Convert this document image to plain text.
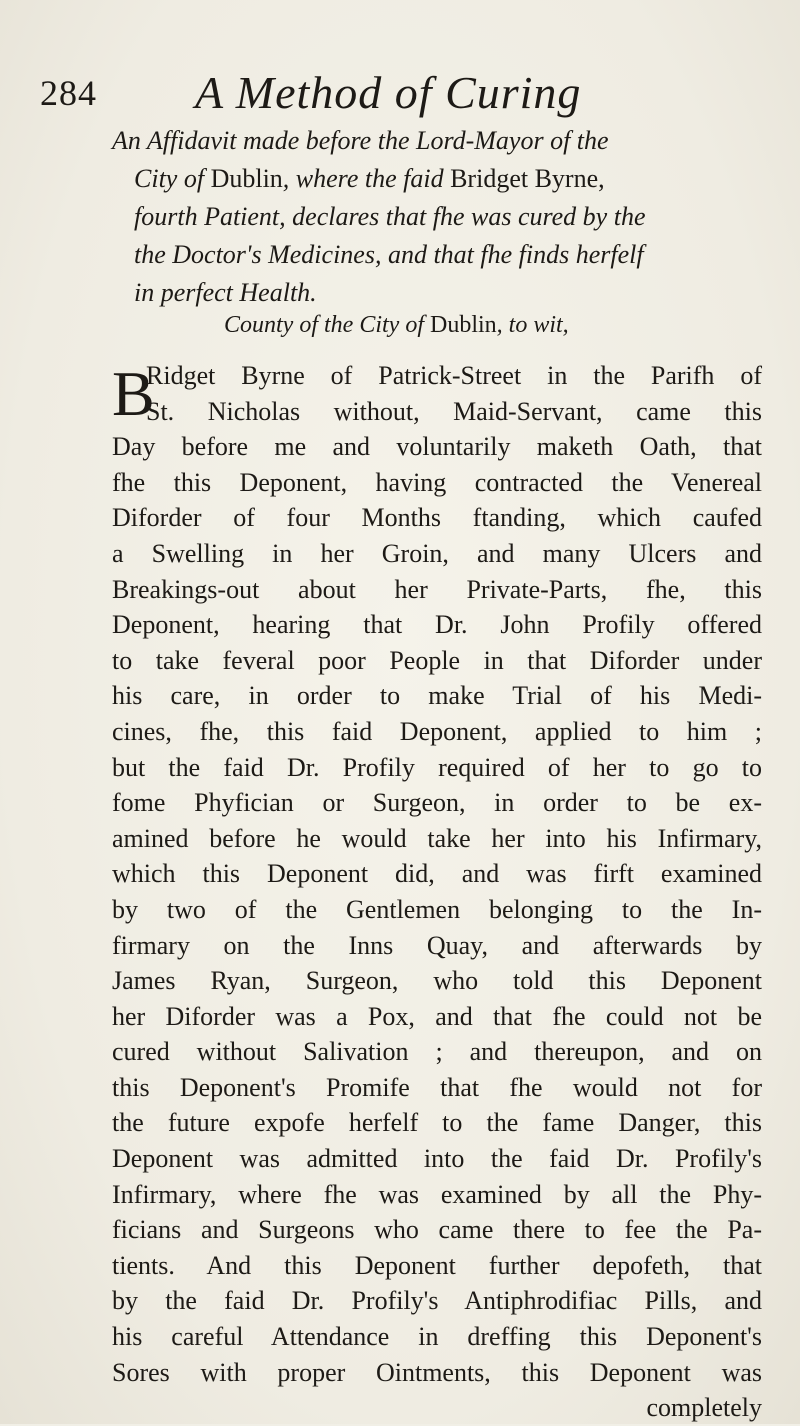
284 A Method of Curing
An Affidavit made before the Lord-Mayor of the
City of Dublin, where the faid Bridget Byrne,
fourth Patient, declares that fhe was cured by the
the Doctor's Medicines, and that fhe finds herfelf
in perfect Health.
County of the City of Dublin, to wit,
B
Ridget Byrne of Patrick-Street in the Parifh of
St. Nicholas without, Maid-Servant, came this
Day before me and voluntarily maketh Oath, that
fhe this Deponent, having contracted the Venereal
Diforder of four Months ftanding, which caufed
a Swelling in her Groin, and many Ulcers and
Breakings-out about her Private-Parts, fhe, this
Deponent, hearing that Dr. John Profily offered
to take feveral poor People in that Diforder under
his care, in order to make Trial of his Medi-
cines, fhe, this faid Deponent, applied to him ;
but the faid Dr. Profily required of her to go to
fome Phyfician or Surgeon, in order to be ex-
amined before he would take her into his Infirmary,
which this Deponent did, and was firft examined
by two of the Gentlemen belonging to the In-
firmary on the Inns Quay, and afterwards by
James Ryan, Surgeon, who told this Deponent
her Diforder was a Pox, and that fhe could not be
cured without Salivation ; and thereupon, and on
this Deponent's Promife that fhe would not for
the future expofe herfelf to the fame Danger, this
Deponent was admitted into the faid Dr. Profily's
Infirmary, where fhe was examined by all the Phy-
ficians and Surgeons who came there to fee the Pa-
tients. And this Deponent further depofeth, that
by the faid Dr. Profily's Antiphrodifiac Pills, and
his careful Attendance in dreffing this Deponent's
Sores with proper Ointments, this Deponent was
completely
